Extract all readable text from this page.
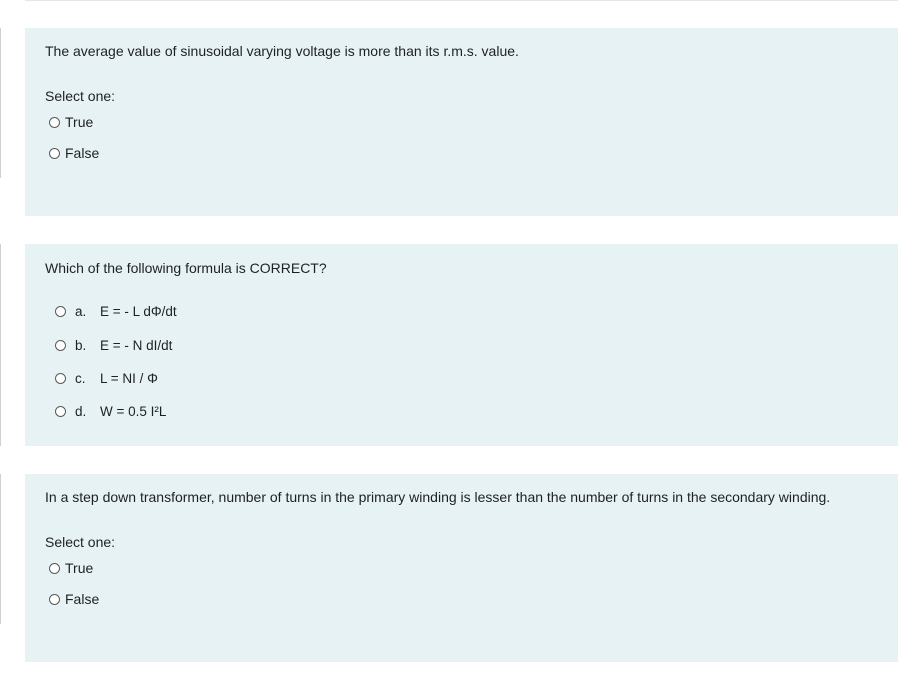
The average value of sinusoidal varying voltage is more than its r.m.s. value.
Select one:
True
False
Which of the following formula is CORRECT?
a.	E = - L dΦ/dt
b.	E = - N dI/dt
c.	L = NI / Φ
d.	W = 0.5 I²L
In a step down transformer, number of turns in the primary winding is lesser than the number of turns in the secondary winding.
Select one:
True
False
